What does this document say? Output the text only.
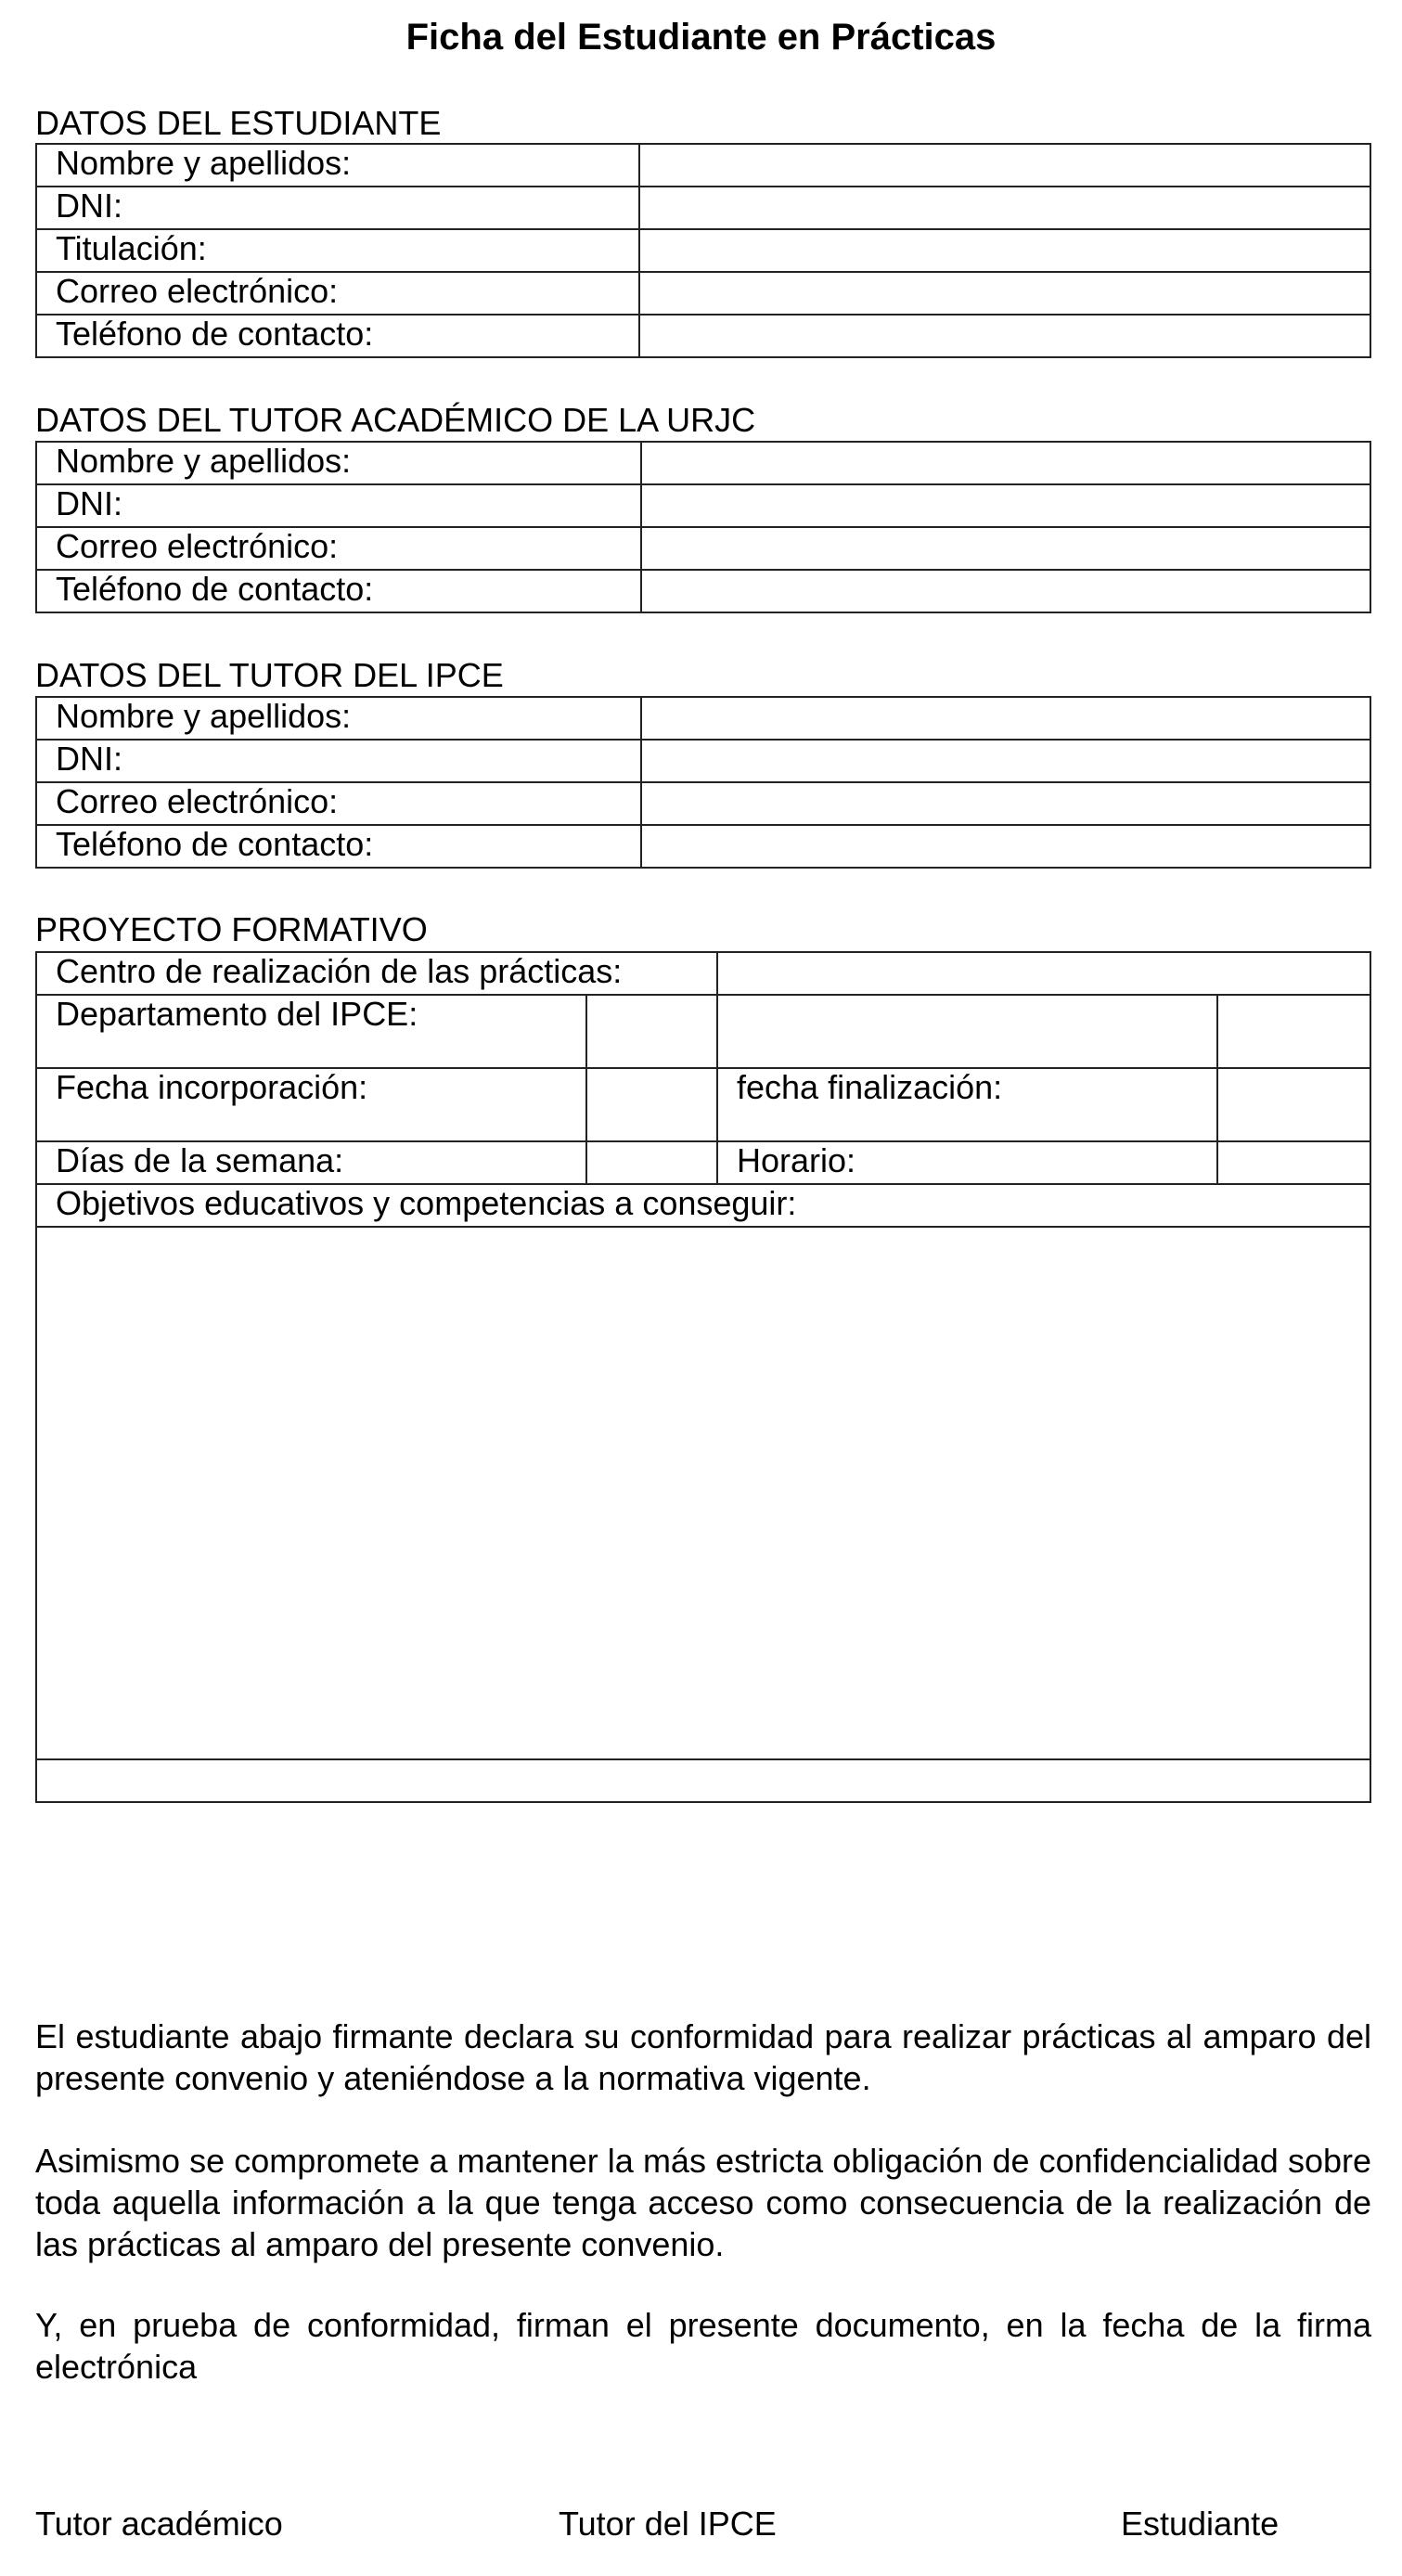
Ficha del Estudiante en Prácticas
DATOS DEL ESTUDIANTE
Nombre y apellidos:	
DNI:	
Titulación:	
Correo electrónico:	
Teléfono de contacto:	
DATOS DEL TUTOR ACADÉMICO DE LA URJC
Nombre y apellidos:	
DNI:	
Correo electrónico:	
Teléfono de contacto:	
DATOS DEL TUTOR DEL IPCE
Nombre y apellidos:	
DNI:	
Correo electrónico:	
Teléfono de contacto:	
PROYECTO FORMATIVO
Centro de realización de las prácticas:			
Departamento del IPCE:			
Fecha incorporación:		fecha finalización:	
Días de la semana:		Horario:	
Objetivos educativos y competencias a conseguir:			

El estudiante abajo firmante declara su conformidad para realizar prácticas al amparo del presente convenio y ateniéndose a la normativa vigente.
Asimismo se compromete a mantener la más estricta obligación de confidencialidad sobre toda aquella información a la que tenga acceso como consecuencia de la realización de las prácticas al amparo del presente convenio.
Y, en prueba de conformidad, firman el presente documento, en la fecha de la firma electrónica
Tutor académico	Tutor del IPCE	Estudiante
